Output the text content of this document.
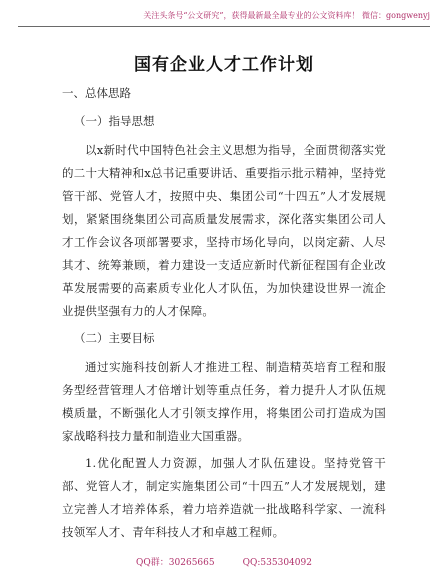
关注头条号“公文研究”，获得最新最全最专业的公文资料库！ 微信：gongwenyj
国有企业人才工作计划

一、总体思路

（一）指导思想

以x新时代中国特色社会主义思想为指导，全面贯彻落实党的二十大精神和x总书记重要讲话、重要指示批示精神，坚持党管干部、党管人才，按照中央、集团公司“十四五”人才发展规划，紧紧围绕集团公司高质量发展需求，深化落实集团公司人才工作会议各项部署要求，坚持市场化导向，以岗定薪、人尽其才、统筹兼顾，着力建设一支适应新时代新征程国有企业改革发展需要的高素质专业化人才队伍，为加快建设世界一流企业提供坚强有力的人才保障。

（二）主要目标

通过实施科技创新人才推进工程、制造精英培育工程和服务型经营管理人才倍增计划等重点任务，着力提升人才队伍规模质量，不断强化人才引领支撑作用，将集团公司打造成为国家战略科技力量和制造业大国重器。

1.优化配置人力资源，加强人才队伍建设。坚持党管干部、党管人才，制定实施集团公司“十四五”人才发展规划，建立完善人才培养体系，着力培养造就一批战略科学家、一流科技领军人才、青年科技人才和卓越工程师。

QQ群：30265665	QQ:535304092
